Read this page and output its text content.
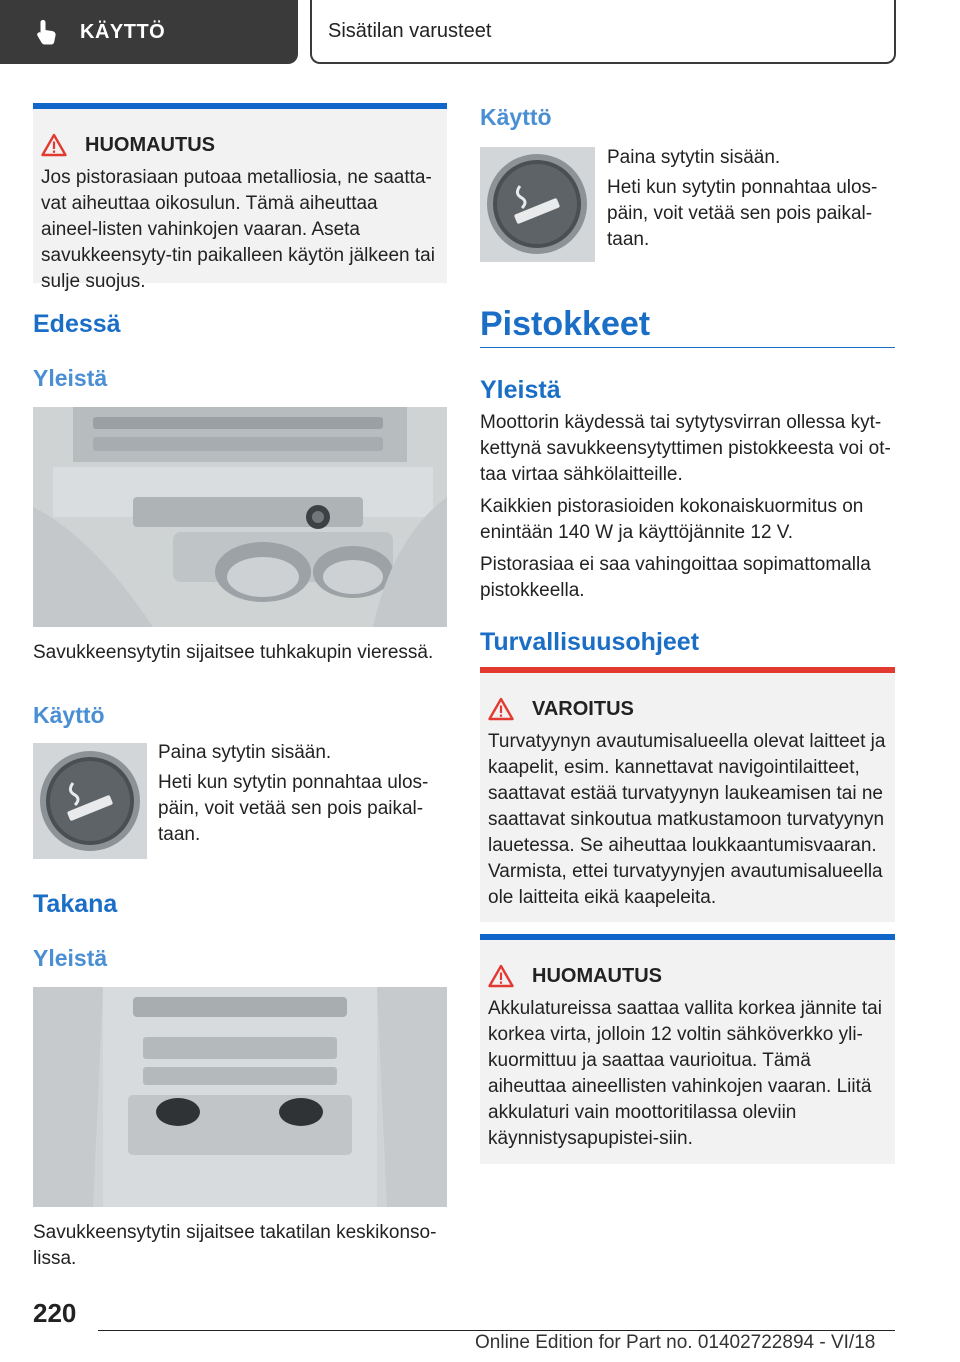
KÄYTTÖ	Sisätilan varusteet
HUOMAUTUS
Jos pistorasiaan putoaa metalliosia, ne saatta-vat aiheuttaa oikosulun. Tämä aiheuttaa aineel-listen vahinkojen vaaran. Aseta savukkeensyty-tin paikalleen käytön jälkeen tai sulje suojus.
Edessä
Yleistä
Savukkeensytytin sijaitsee tuhkakupin vieressä.
Käyttö
Paina sytytin sisään.
Heti kun sytytin ponnahtaa ulos-päin, voit vetää sen pois paikal-taan.
Takana
Yleistä
Savukkeensytytin sijaitsee takatilan keskikonso-lissa.
Käyttö
Paina sytytin sisään.
Heti kun sytytin ponnahtaa ulos-päin, voit vetää sen pois paikal-taan.
Pistokkeet
Yleistä
Moottorin käydessä tai sytytysvirran ollessa kyt-kettynä savukkeensytyttimen pistokkeesta voi ot-taa virtaa sähkölaitteille.
Kaikkien pistorasioiden kokonaiskuormitus on enintään 140 W ja käyttöjännite 12 V.
Pistorasiaa ei saa vahingoittaa sopimattomalla pistokkeella.
Turvallisuusohjeet
VAROITUS
Turvatyynyn avautumisalueella olevat laitteet ja kaapelit, esim. kannettavat navigointilaitteet, saattavat estää turvatyynyn laukeamisen tai ne saattavat sinkoutua matkustamoon turvatyynyn lauetessa. Se aiheuttaa loukkaantumisvaaran. Varmista, ettei turvatyynyjen avautumisalueella ole laitteita eikä kaapeleita.
HUOMAUTUS
Akkulatureissa saattaa vallita korkea jännite tai korkea virta, jolloin 12 voltin sähköverkko yli-kuormittuu ja saattaa vaurioitua. Tämä aiheuttaa aineellisten vahinkojen vaaran. Liitä akkulaturi vain moottoritilassa oleviin käynnistysapupistei-siin.
220
Online Edition for Part no. 01402722894 - VI/18
